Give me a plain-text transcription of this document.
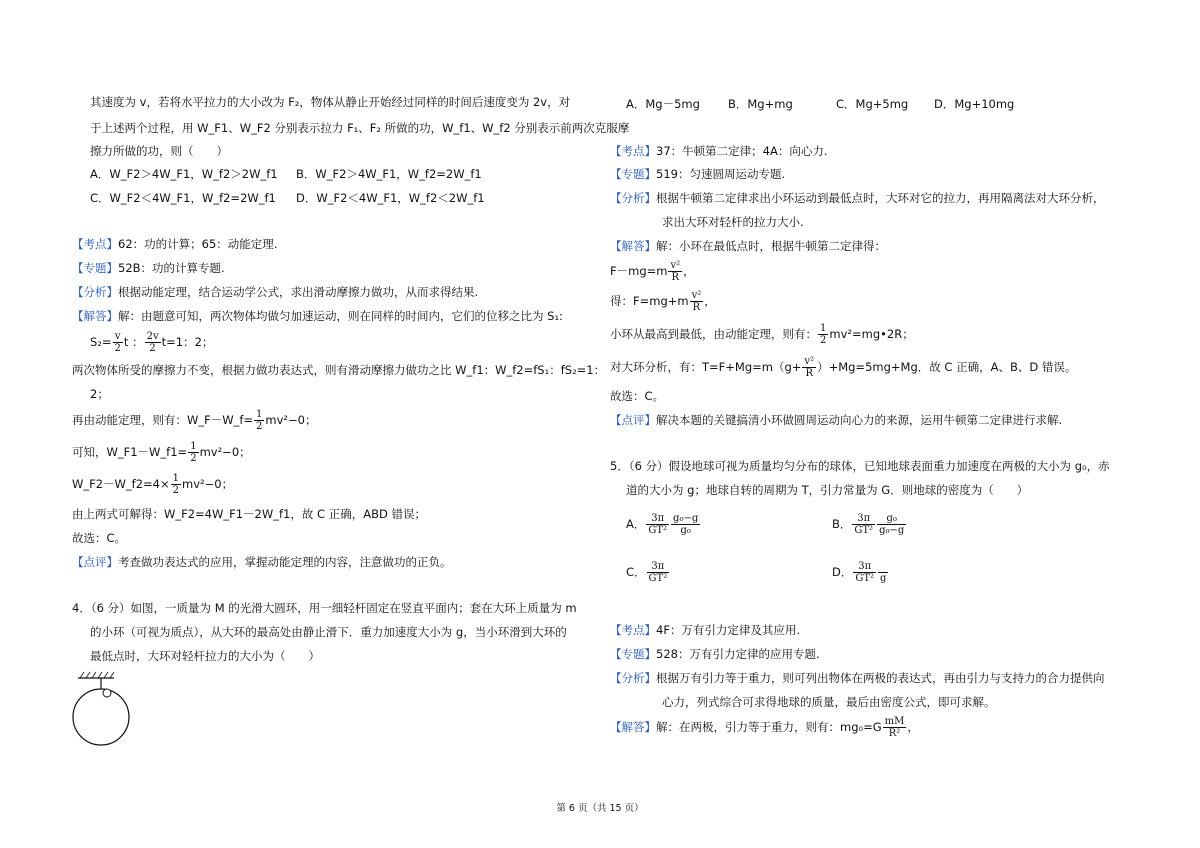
其速度为 v，若将水平拉力的大小改为 F₂，物体从静止开始经过同样的时间后速度变为 2v，对
于上述两个过程，用 W_F1、W_F2 分别表示拉力 F₁、F₂ 所做的功，W_f1、W_f2 分别表示前两次克服摩
擦力所做的功，则（　　）
A．W_F2＞4W_F1，W_f2＞2W_f1 B．W_F2＞4W_F1，W_f2=2W_f1
C．W_F2＜4W_F1，W_f2=2W_f1 D．W_F2＜4W_F1，W_f2＜2W_f1
【考点】62：功的计算；65：动能定理.
【专题】52B：功的计算专题.
【分析】根据动能定理，结合运动学公式，求出滑动摩擦力做功，从而求得结果.
【解答】解：由题意可知，两次物体均做匀加速运动，则在同样的时间内，它们的位移之比为 S₁:
$S_2= \frac{v}{2}$ t ： $\frac{2v}{2} t=1$：2；
两次物体所受的摩擦力不变，根据力做功表达式，则有滑动摩擦力做功之比 W_f1：W_f2=fS₁：fS₂=1：
2；
再由动能定理，则有：W_F－W_f= $\frac{1}{2} mv^2-0$；
可知，W_F1－W_f1= $\frac{1}{2} mv^2-0$；
W_F2－W_f2=4× $\frac{1}{2} mv^2-0$；
由上两式可解得：W_F2=4W_F1－2W_f1，故 C 正确，ABD 错误；
故选：C。
【点评】考查做功表达式的应用，掌握动能定理的内容，注意做功的正负。
4．（6 分）如图，一质量为 M 的光滑大圆环，用一细轻杆固定在竖直平面内；套在大环上质量为 m
的小环（可视为质点），从大环的最高处由静止滑下．重力加速度大小为 g，当小环滑到大环的
最低点时，大环对轻杆拉力的大小为（　　）
A．Mg－5mg B．Mg+mg	C．Mg+5mg D．Mg+10mg
【考点】37：牛顿第二定律；4A：向心力.
【专题】519：匀速圆周运动专题.
【分析】根据牛顿第二定律求出小环运动到最低点时，大环对它的拉力，再用隔离法对大环分析，
求出大环对轻杆的拉力大小.
【解答】解：小环在最低点时，根据牛顿第二定律得：
$F-mg=m \frac{\text{v²}}{R}$ ，
得：$F=mg+m \frac{\text{v²}}{R}$ ，
小环从最高到最低，由动能定理，则有： $\frac{1}{2}$ mv²=mg•2R；
对大环分析，有：$T=F+Mg=m(g+ \frac{\text{v²}}{R} )+Mg=5mg+Mg$．故 C 正确，A、B、D 错误。
故选：C。
【点评】解决本题的关键搞清小环做圆周运动向心力的来源，运用牛顿第二定律进行求解.
5．（6 分）假设地球可视为质量均匀分布的球体，已知地球表面重力加速度在两极的大小为 g₀，赤
道的大小为 g；地球自转的周期为 T，引力常量为 G．则地球的密度为（　　）
A． $\frac{3\pi}{\text{GT²}} \frac{\text{g₀−g}}{\text{g₀}}$	B． $\frac{3\pi}{\text{GT²}} \frac{\text{g₀}}{\text{g₀−g}}$
C． $\frac{3\pi}{\text{GT²}}$	D． $\frac{3\pi}{\text{GT²}}$
g
【考点】4F：万有引力定律及其应用.
【专题】528：万有引力定律的应用专题.
【分析】根据万有引力等于重力，则可列出物体在两极的表达式，再由引力与支持力的合力提供向
心力，列式综合可求得地球的质量，最后由密度公式，即可求解。
【解答】解：在两极，引力等于重力，则有：$mg_0=G \frac{mM}{\text{R²}}$ ，
第 6 页（共 15 页）
